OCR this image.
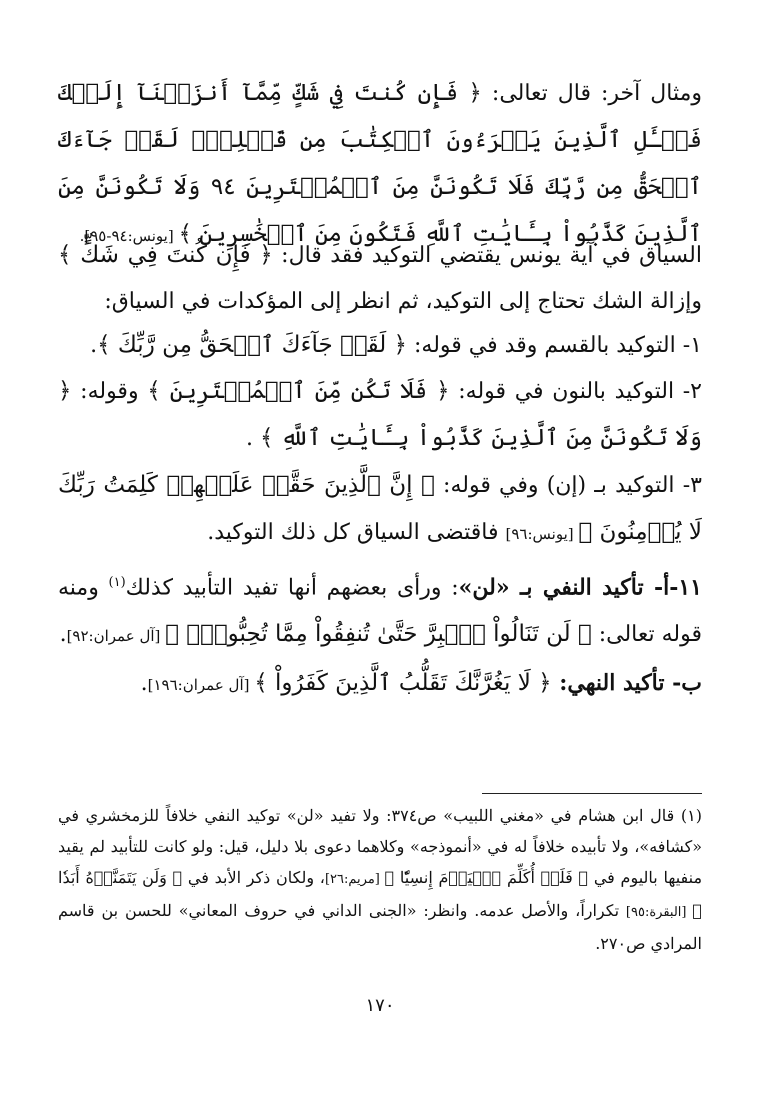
ومثال آخر: قال تعالى: ﴿ فَإِن كُنتَ فِي شَكٍّ مِّمَّآ أَنزَلۡنَآ إِلَيۡكَ فَسۡـَٔلِ ٱلَّذِينَ يَقۡرَءُونَ ٱلۡكِتَٰبَ مِن قَبۡلِكَۚ لَقَدۡ جَآءَكَ ٱلۡحَقُّ مِن رَّبِّكَ فَلَا تَكُونَنَّ مِنَ ٱلۡمُمۡتَرِينَ ٩٤ وَلَا تَكُونَنَّ مِنَ ٱلَّذِينَ كَذَّبُواْ بِـَٔايَٰتِ ٱللَّهِ فَتَكُونَ مِنَ ٱلۡخَٰسِرِينَ ﴾ [يونس:٩٤-٩٥].

السياق في آية يونس يقتضي التوكيد فقد قال: ﴿ فَإِن كُنتَ فِي شَكٍّ ﴾ وإزالة الشك تحتاج إلى التوكيد، ثم انظر إلى المؤكدات في السياق:

١- التوكيد بالقسم وقد في قوله: ﴿ لَقَدۡ جَآءَكَ ٱلۡحَقُّ مِن رَّبِّكَ ﴾.

٢- التوكيد بالنون في قوله: ﴿ فَلَا تَكُن مِّنَ ٱلۡمُمۡتَرِينَ ﴾ وقوله: ﴿ وَلَا تَكُونَنَّ مِنَ ٱلَّذِينَ كَذَّبُواْ بِـَٔايَٰتِ ٱللَّهِ ﴾ .

٣- التوكيد بـ (إن) وفي قوله: ﴿ إِنَّ ٱلَّذِينَ حَقَّتۡ عَلَيۡهِمۡ كَلِمَتُ رَبِّكَ لَا يُؤۡمِنُونَ ﴾ [يونس:٩٦] فاقتضى السياق كل ذلك التوكيد.

١١-أ- تأكيد النفي بـ «لن»: ورأى بعضهم أنها تفيد التأبيد كذلك$^{(١)}$ ومنه قوله تعالى: ﴿ لَن تَنَالُواْ ٱلۡبِرَّ حَتَّىٰ تُنفِقُواْ مِمَّا تُحِبُّونَۚ ﴾ [آل عمران:٩٢].

ب- تأكيد النهي: ﴿ لَا يَغُرَّنَّكَ تَقَلُّبُ ٱلَّذِينَ كَفَرُواْ ﴾ [آل عمران:١٩٦].

(١) قال ابن هشام في «مغني اللبيب» ص٣٧٤: ولا تفيد «لن» توكيد النفي خلافاً للزمخشري في «كشافه»، ولا تأبيده خلافاً له في «أنموذجه» وكلاهما دعوى بلا دليل، قيل: ولو كانت للتأبيد لم يقيد منفيها باليوم في ﴿ فَلَنۡ أُكَلِّمَ ٱلۡيَوۡمَ إِنسِيّٗا ﴾ [مريم:٢٦]، ولكان ذكر الأبد في ﴿ وَلَن يَتَمَنَّوۡهُ أَبَدٗا ﴾ [البقرة:٩٥] تكراراً، والأصل عدمه. وانظر: «الجنى الداني في حروف المعاني» للحسن بن قاسم المرادي ص٢٧٠.

١٧٠
